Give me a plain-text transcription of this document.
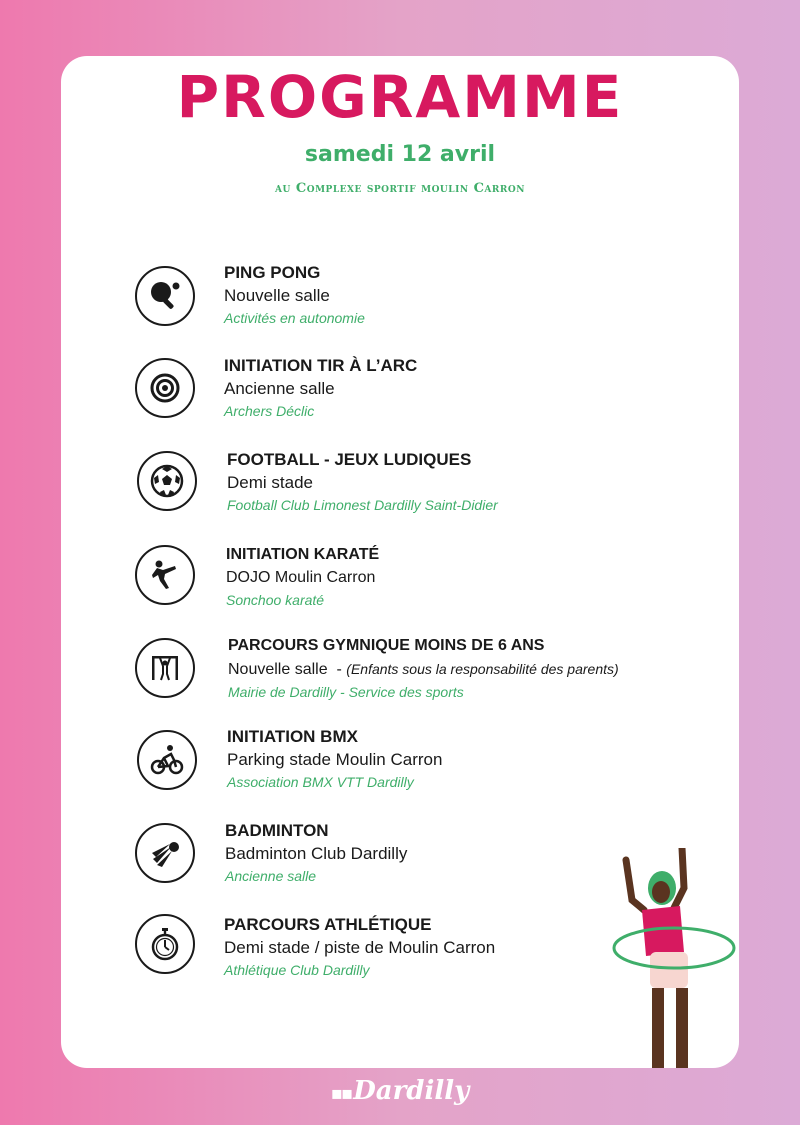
PROGRAMME
samedi 12 avril
au Complexe sportif moulin Carron
PING PONG
Nouvelle salle
Activités en autonomie
INITIATION TIR À L’ARC
Ancienne salle
Archers Déclic
FOOTBALL - JEUX LUDIQUES
Demi stade
Football Club Limonest Dardilly Saint-Didier
INITIATION KARATÉ
DOJO Moulin Carron
Sonchoo karaté
PARCOURS GYMNIQUE MOINS DE 6 ANS
Nouvelle salle  - (Enfants sous la responsabilité des parents)
Mairie de Dardilly - Service des sports
INITIATION BMX
Parking stade Moulin Carron
Association BMX VTT Dardilly
BADMINTON
Badminton Club Dardilly
Ancienne salle
PARCOURS ATHLÉTIQUE
Demi stade / piste de Moulin Carron
Athlétique Club Dardilly
▪▪Dardilly
